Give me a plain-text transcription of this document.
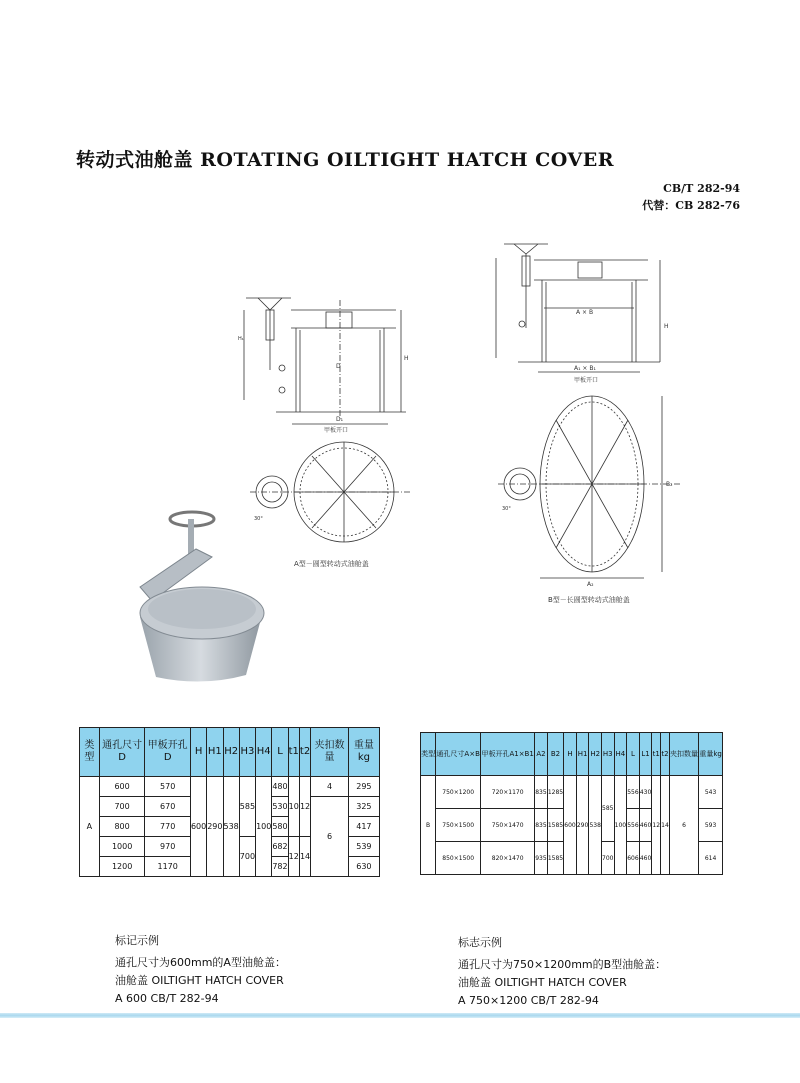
转动式油舱盖 ROTATING OILTIGHT HATCH COVER
CB/T 282-94
代替：CB 282-76
D
D₁
甲板开口
H
H₁
A型－圆型转动式油舱盖
30°
A × B
A₁ × B₁
甲板开口
H
A₂
B₂
30°
B型－长圆型转动式油舱盖
类型	通孔尺寸D	甲板开孔D	H	H1	H2	H3	H4	L	t1	t2	夹扣数量	重量kg
A	600	570	600	290	538	585	100	480	10	12	4	295
	700	670						530			6	325
	800	770						580				417
	1000	970				700		682	12	14		539
	1200	1170						782				630
类型	通孔尺寸A×B	甲板开孔A1×B1	A2	B2	H	H1	H2	H3	H4	L	L1	t1	t2	夹扣数量	重量kg
B	750×1200	720×1170	835	1285	600	290	538	585	100	556	430	12	14	6	543
	750×1500	750×1470	835	1585						556	460				593
	850×1500	820×1470	935	1585				700		606	460				614
标记示例
通孔尺寸为600mm的A型油舱盖：
油舱盖 OILTIGHT HATCH COVER
A 600 CB/T 282-94
标志示例
通孔尺寸为750×1200mm的B型油舱盖：
油舱盖 OILTIGHT HATCH COVER
A 750×1200 CB/T 282-94
